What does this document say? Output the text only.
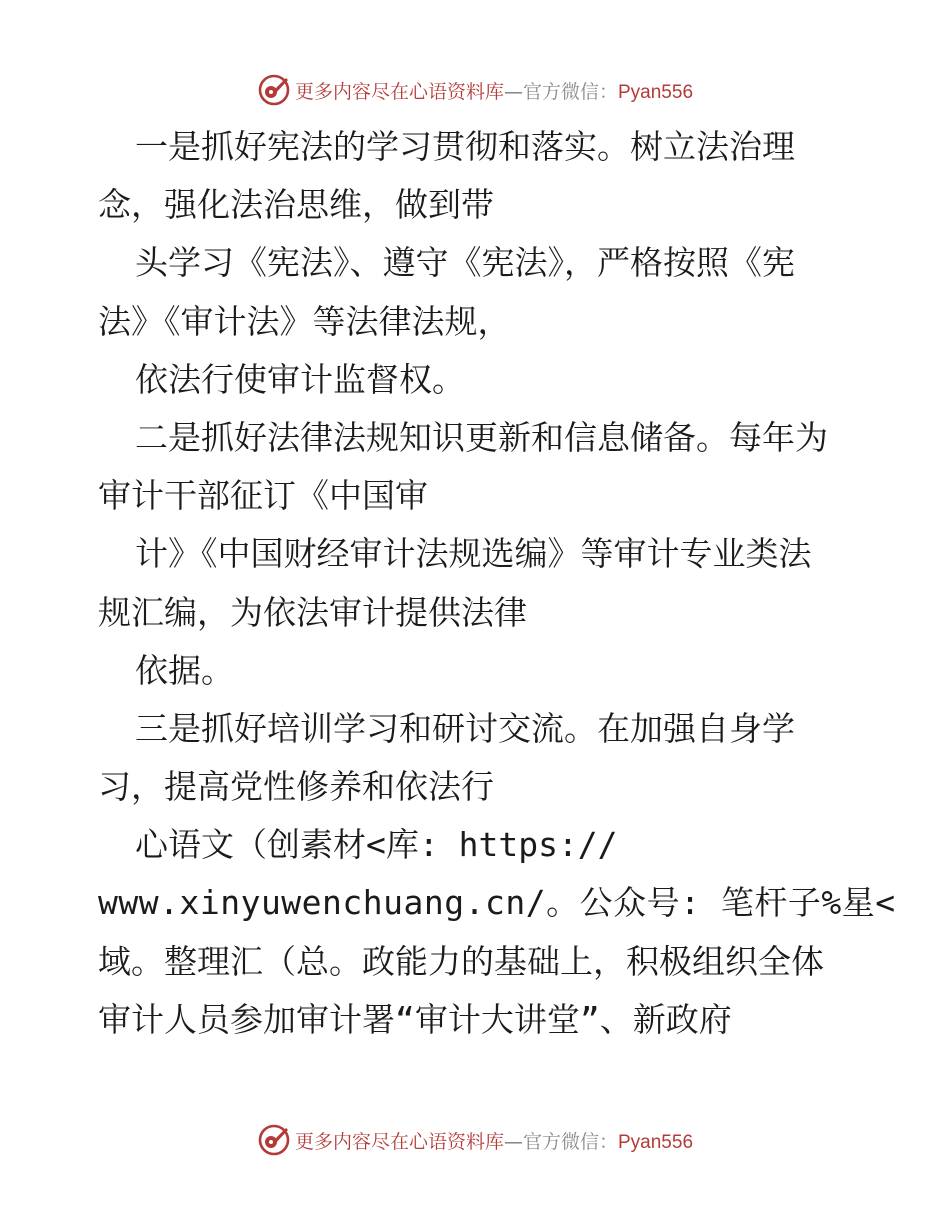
更多内容尽在心语资料库—官方微信：Pyan556
一是抓好宪法的学习贯彻和落实。树立法治理
念，强化法治思维，做到带
头学习《宪法》、遵守《宪法》，严格按照《宪
法》《审计法》等法律法规，
依法行使审计监督权。
二是抓好法律法规知识更新和信息储备。每年为
审计干部征订《中国审
计》《中国财经审计法规选编》等审计专业类法
规汇编，为依法审计提供法律
依据。
三是抓好培训学习和研讨交流。在加强自身学
习，提高党性修养和依法行
心语文（创素材<库: https://
www.xinyuwenchuang.cn/。公众号: 笔杆子%星<
域。整理汇（总。政能力的基础上，积极组织全体
审计人员参加审计署“审计大讲堂”、新政府
更多内容尽在心语资料库—官方微信：Pyan556
